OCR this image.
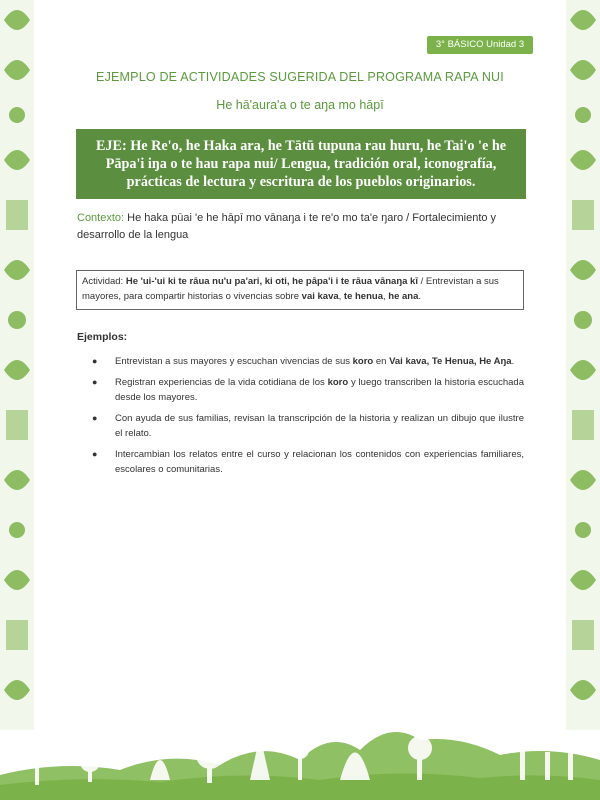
3° BÁSICO Unidad 3
EJEMPLO DE ACTIVIDADES SUGERIDA DEL PROGRAMA RAPA NUI
He hā'aura'a o te aŋa mo hāpī
EJE: He Re'o, he Haka ara, he Tātū tupuna rau huru, he Tai'o 'e he Pāpa'i iŋa o te hau rapa nui/ Lengua, tradición oral, iconografía, prácticas de lectura y escritura de los pueblos originarios.
Contexto: He haka pūai 'e he hāpī mo vānaŋa i te re'o mo ta'e ŋaro / Fortalecimiento y desarrollo de la lengua
Actividad: He 'ui-'ui ki te rāua nu'u pa'ari, ki oti, he pāpa'i i te rāua vānaŋa kī / Entrevistan a sus mayores, para compartir historias o vivencias sobre vai kava, te henua, he ana.
Ejemplos:
● Entrevistan a sus mayores y escuchan vivencias de sus koro en Vai kava, Te Henua, He Aŋa.
● Registran experiencias de la vida cotidiana de los koro y luego transcriben la historia escuchada desde los mayores.
● Con ayuda de sus familias, revisan la transcripción de la historia y realizan un dibujo que ilustre el relato.
● Intercambian los relatos entre el curso y relacionan los contenidos con experiencias familiares, escolares o comunitarias.
